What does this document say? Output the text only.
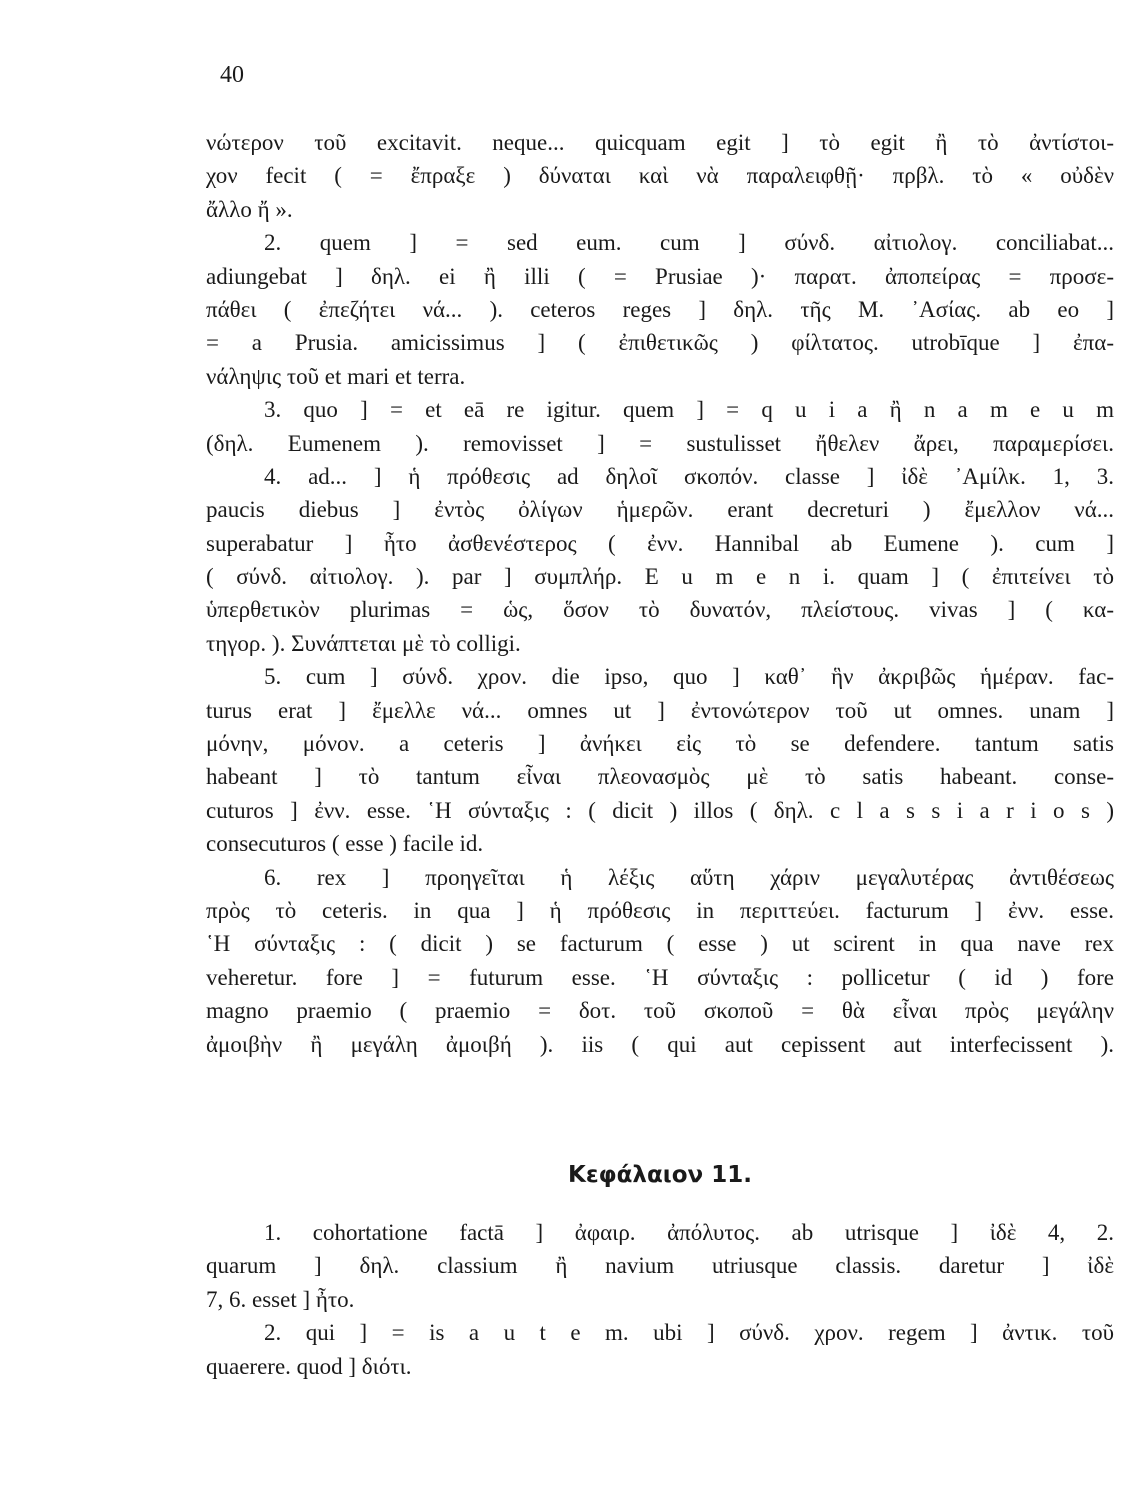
40
νώτερον τοῦ excitavit. neque... quicquam egit ] τὸ egit ἢ τὸ ἀντίστοι-
χον fecit ( = ἔπραξε ) δύναται καὶ νὰ παραλειφθῇ· πρβλ. τὸ « οὐδὲν
ἄλλο ἤ ».
2. quem ] = sed eum. cum ] σύνδ. αἰτιολογ. conciliabat...
adiungebat ] δηλ. ei ἢ illi ( = Prusiae )· παρατ. ἀποπείρας = προσε-
πάθει ( ἐπεζήτει νά... ). ceteros reges ] δηλ. τῆς Μ. ᾿Ασίας. ab eo ]
= a Prusia. amicissimus ] ( ἐπιθετικῶς ) φίλτατος. utrobīque ] ἐπα-
νάληψις τοῦ et mari et terra.
3. quo ] = et eā re igitur. quem ] = q u i a ἢ n a m e u m
(δηλ. Eumenem ). removisset ] = sustulisset ἤθελεν ἄρει, παραμερίσει.
4. ad... ] ἡ πρόθεσις ad δηλοῖ σκοπόν. classe ] ἰδὲ ᾿Αμίλκ. 1, 3.
paucis diebus ] ἐντὸς ὀλίγων ἡμερῶν. erant decreturi ) ἔμελλον νά...
superabatur ] ἦτο ἀσθενέστερος ( ἐνν. Hannibal ab Eumene ). cum ]
( σύνδ. αἰτιολογ. ). par ] συμπλήρ. E u m e n i. quam ] ( ἐπιτείνει τὸ
ὑπερθετικὸν plurimas = ὡς, ὅσον τὸ δυνατόν, πλείστους. vivas ] ( κα-
τηγορ. ). Συνάπτεται μὲ τὸ colligi.
5. cum ] σύνδ. χρον. die ipso, quo ] καθ᾿ ἣν ἀκριβῶς ἡμέραν. fac-
turus erat ] ἔμελλε νά... omnes ut ] ἐντονώτερον τοῦ ut omnes. unam ]
μόνην, μόνον. a ceteris ] ἀνήκει εἰς τὸ se defendere. tantum satis
habeant ] τὸ tantum εἶναι πλεονασμὸς μὲ τὸ satis habeant. conse-
cuturos ] ἐνν. esse. ῾Η σύνταξις : ( dicit ) illos ( δηλ. c l a s s i a r i o s )
consecuturos ( esse ) facile id.
6. rex ] προηγεῖται ἡ λέξις αὕτη χάριν μεγαλυτέρας ἀντιθέσεως
πρὸς τὸ ceteris. in qua ] ἡ πρόθεσις in περιττεύει. facturum ] ἐνν. esse.
῾Η σύνταξις : ( dicit ) se facturum ( esse ) ut scirent in qua nave rex
veheretur. fore ] = futurum esse. ῾Η σύνταξις : pollicetur ( id ) fore
magno praemio ( praemio = δοτ. τοῦ σκοποῦ = θὰ εἶναι πρὸς μεγάλην
ἀμοιβὴν ἢ μεγάλη ἀμοιβή ). iis ( qui aut cepissent aut interfecissent ).
Κεφάλαιον 11.
1. cohortatione factā ] ἀφαιρ. ἀπόλυτος. ab utrisque ] ἰδὲ 4, 2.
quarum ] δηλ. classium ἢ navium utriusque classis. daretur ] ἰδὲ
7, 6. esset ] ἦτο.
2. qui ] = is a u t e m. ubi ] σύνδ. χρον. regem ] ἀντικ. τοῦ
quaerere. quod ] διότι.
